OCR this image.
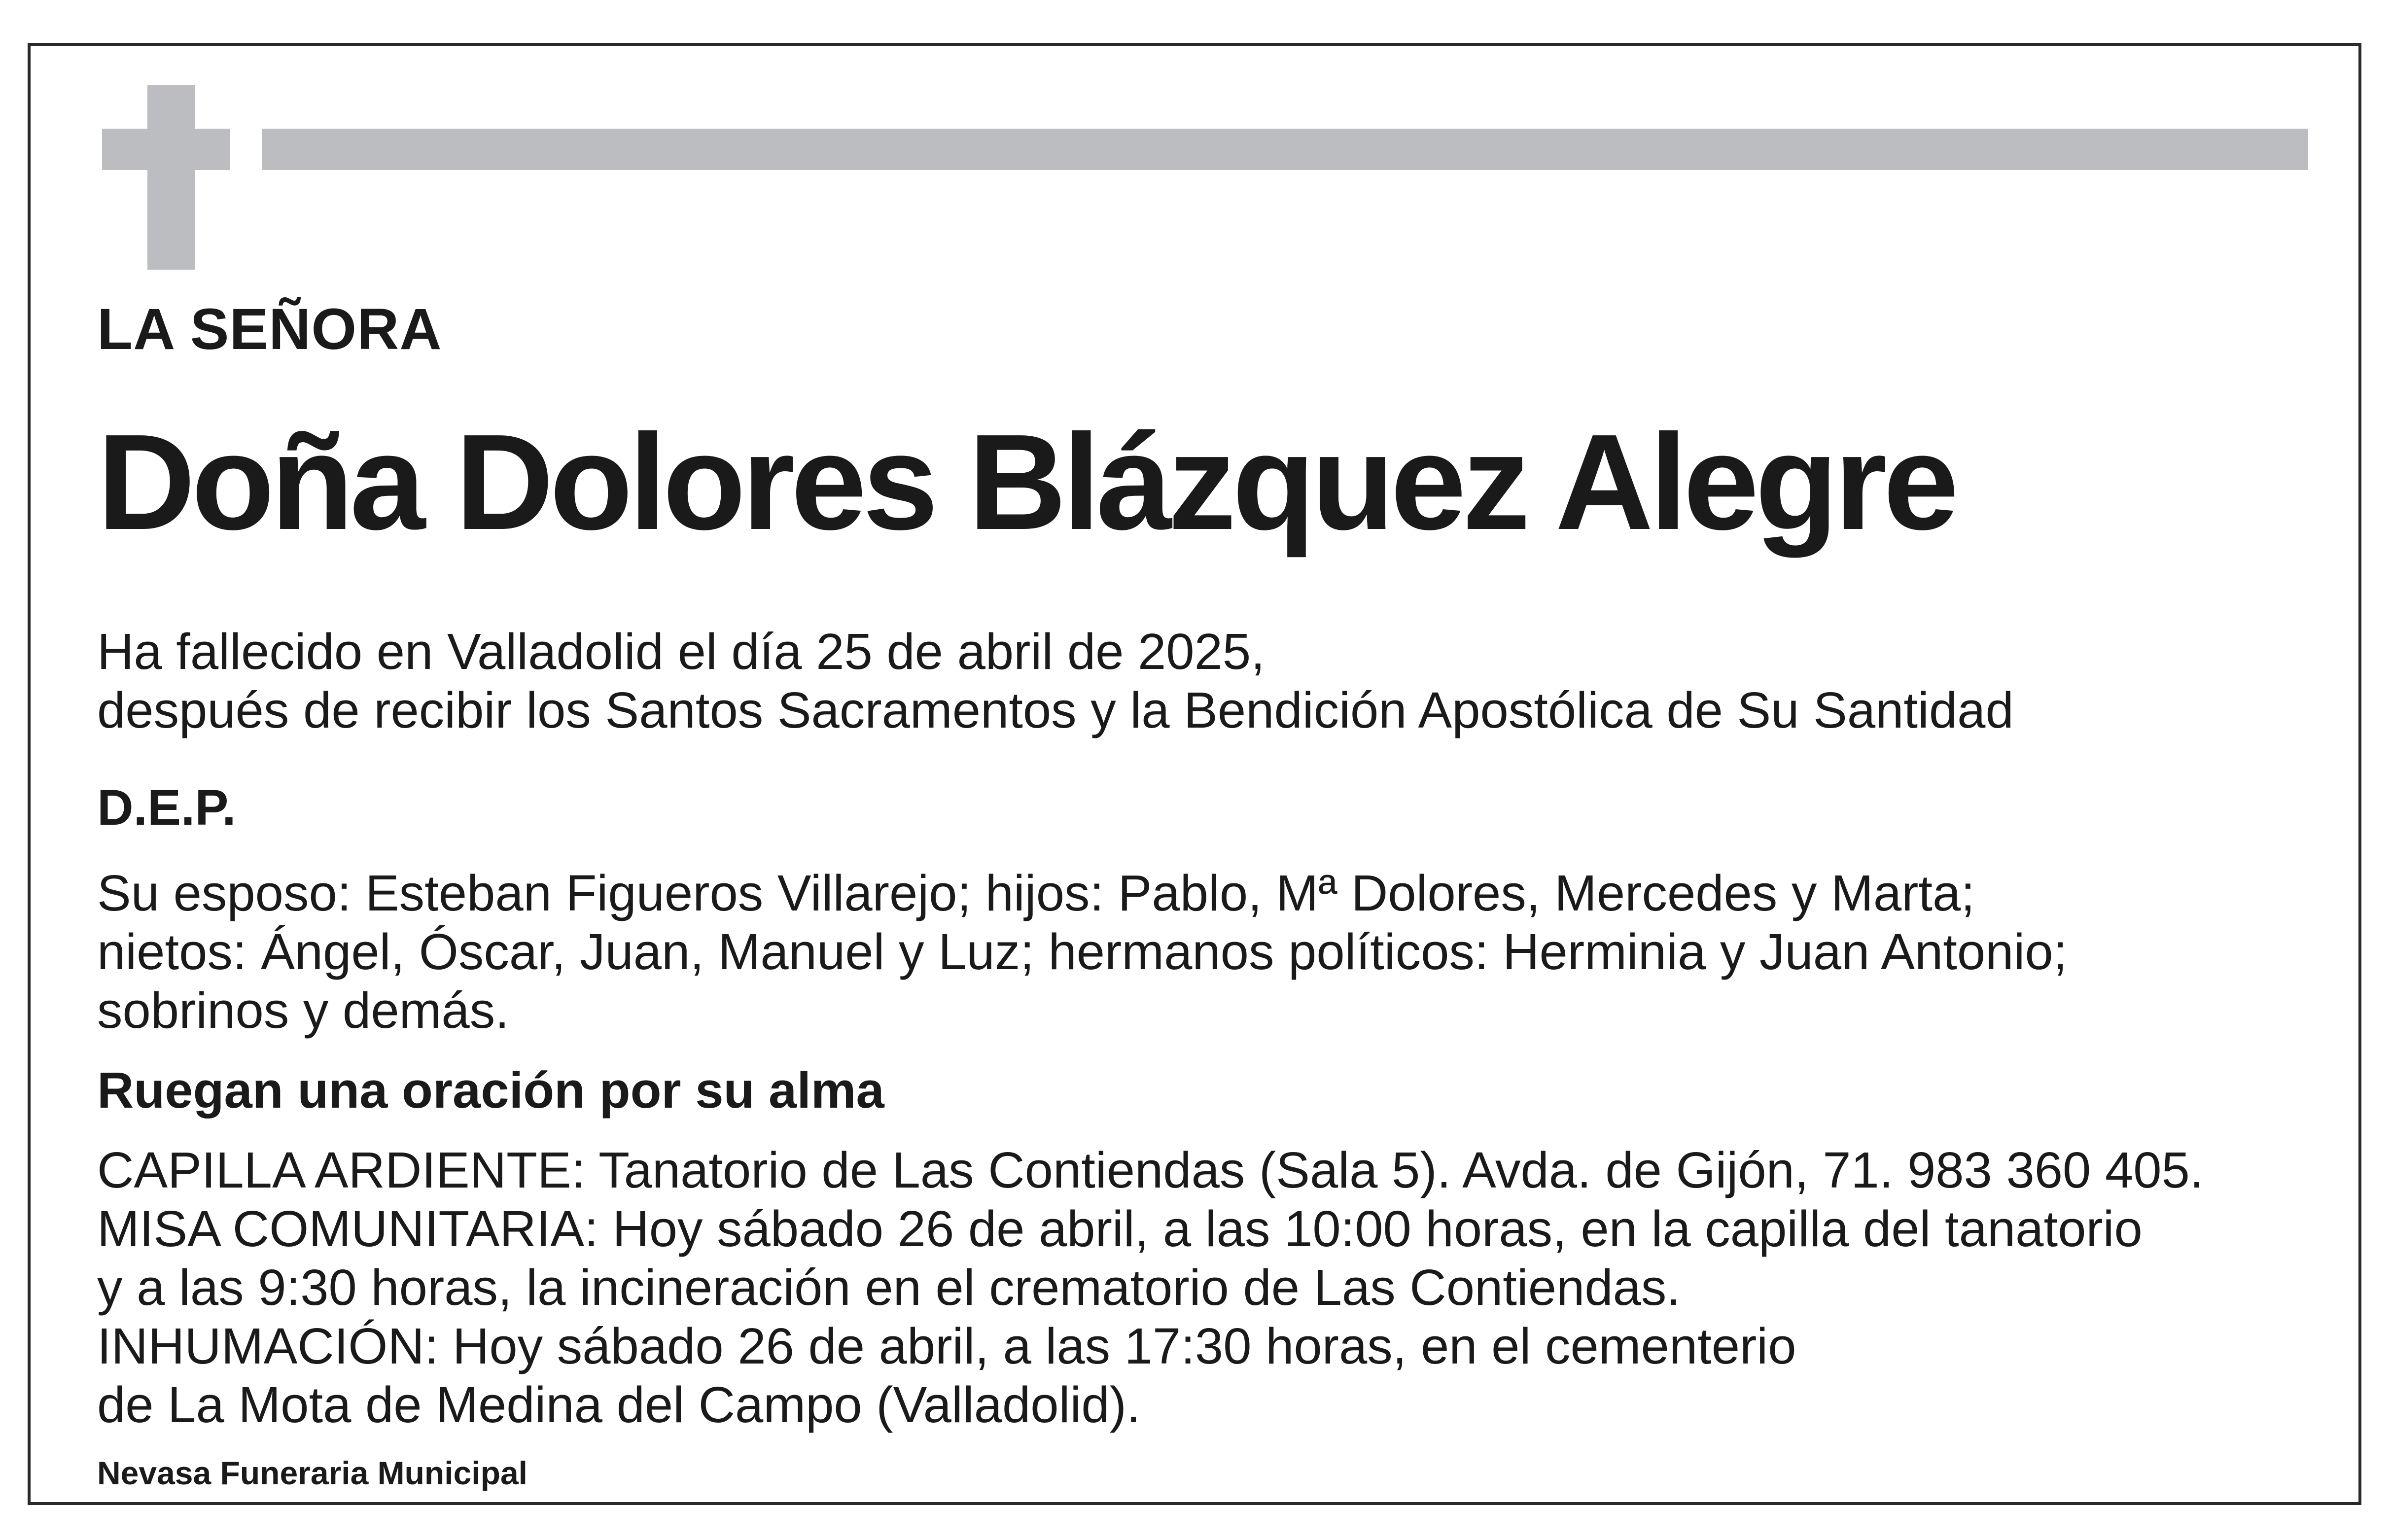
LA SEÑORA
Doña Dolores Blázquez Alegre
Ha fallecido en Valladolid el día 25 de abril de 2025,
después de recibir los Santos Sacramentos y la Bendición Apostólica de Su Santidad
D.E.P.
Su esposo: Esteban Figueros Villarejo; hijos: Pablo, Mª Dolores, Mercedes y Marta;
nietos: Ángel, Óscar, Juan, Manuel y Luz; hermanos políticos: Herminia y Juan Antonio;
sobrinos y demás.
Ruegan una oración por su alma
CAPILLA ARDIENTE: Tanatorio de Las Contiendas (Sala 5). Avda. de Gijón, 71. 983 360 405.
MISA COMUNITARIA: Hoy sábado 26 de abril, a las 10:00 horas, en la capilla del tanatorio
y a las 9:30 horas, la incineración en el crematorio de Las Contiendas.
INHUMACIÓN: Hoy sábado 26 de abril, a las 17:30 horas, en el cementerio
de La Mota de Medina del Campo (Valladolid).
Nevasa Funeraria Municipal
